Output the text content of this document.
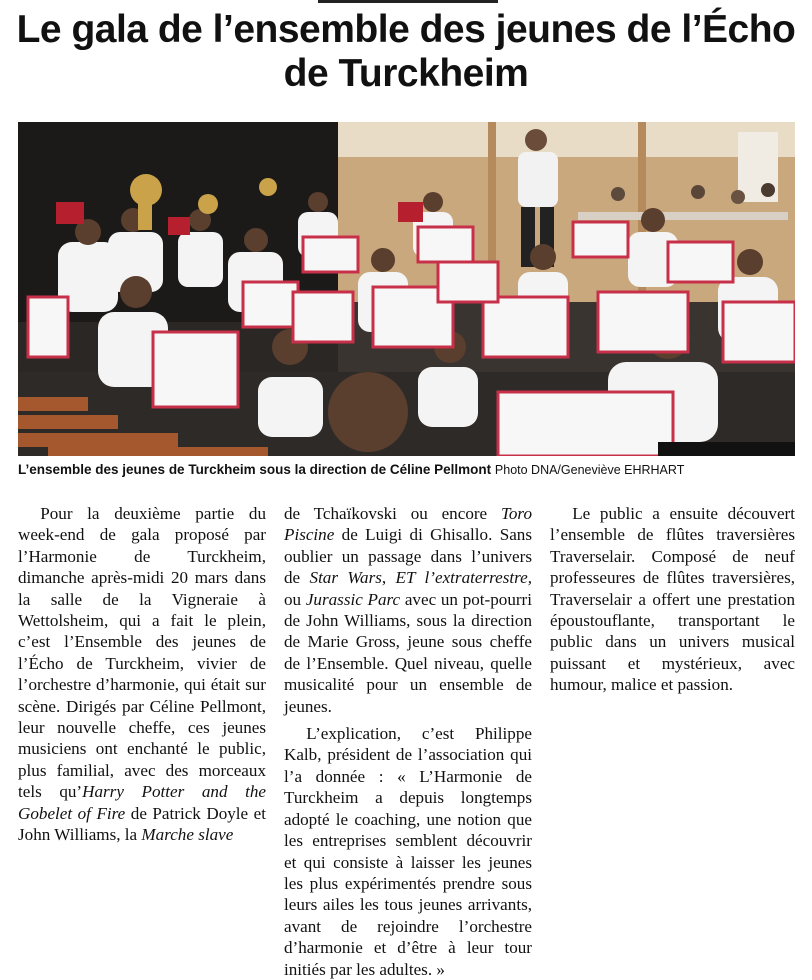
Le gala de l’ensemble des jeunes de l’Écho de Turckheim
L’ensemble des jeunes de Turckheim sous la direction de Céline Pellmont Photo DNA/Geneviève EHRHART

Pour la deuxième partie du week-end de gala proposé par l’Harmonie de Turckheim, dimanche après-midi 20 mars dans la salle de la Vigneraie à Wettolsheim, qui a fait le plein, c’est l’Ensemble des jeunes de l’Écho de Turckheim, vivier de l’orchestre d’harmonie, qui était sur scène. Dirigés par Céline Pellmont, leur nouvelle cheffe, ces jeunes musiciens ont enchanté le public, plus familial, avec des morceaux tels qu’Harry Potter and the Gobelet of Fire de Patrick Doyle et John Williams, la Marche slave

de Tchaïkovski ou encore Toro Piscine de Luigi di Ghisallo. Sans oublier un passage dans l’univers de Star Wars, ET l’extraterrestre, ou Jurassic Parc avec un pot-pourri de John Williams, sous la direction de Marie Gross, jeune sous cheffe de l’Ensemble. Quel niveau, quelle musicalité pour un ensemble de jeunes.

L’explication, c’est Philippe Kalb, président de l’association qui l’a donnée : « L’Harmonie de Turckheim a depuis longtemps adopté le coaching, une notion que les entreprises semblent découvrir et qui consiste à laisser les jeunes les plus expérimentés prendre sous leurs ailes les tous jeunes arrivants, avant de rejoindre l’orchestre d’harmonie et d’être à leur tour initiés par les adultes. »

Le public a ensuite découvert l’ensemble de flûtes traversières Traverselair. Composé de neuf professeures de flûtes traversières, Traverselair a offert une prestation époustouflante, transportant le public dans un univers musical puissant et mystérieux, avec humour, malice et passion.
